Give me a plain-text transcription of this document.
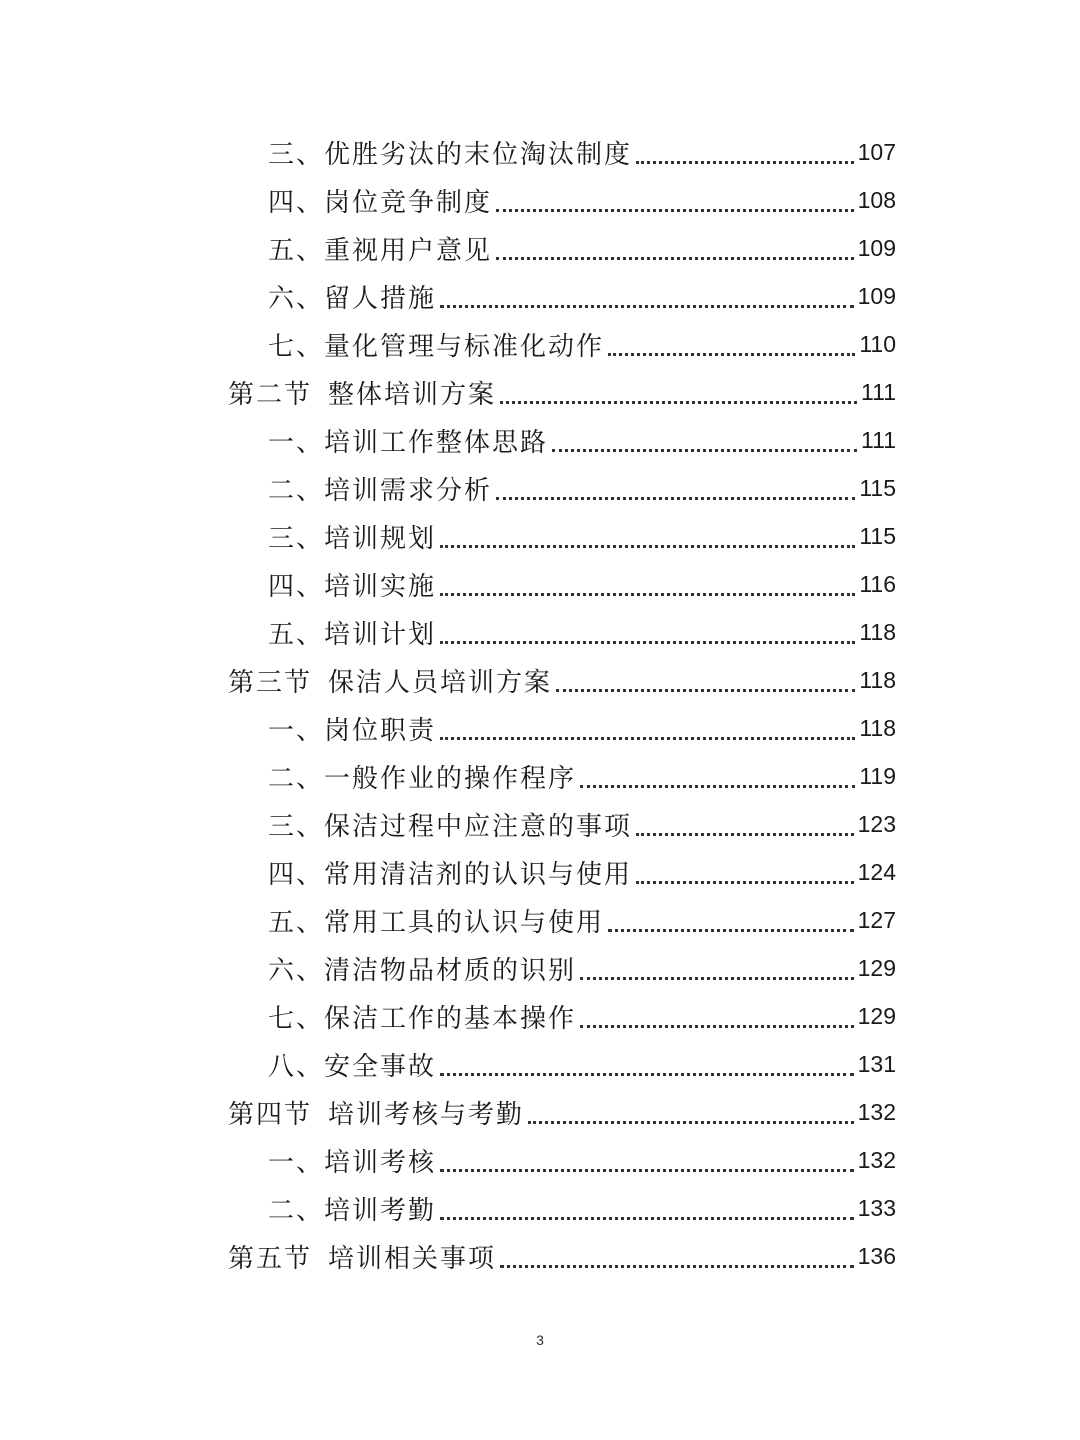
三、优胜劣汰的末位淘汰制度	107
四、岗位竞争制度	108
五、重视用户意见	109
六、留人措施	109
七、量化管理与标准化动作	110
第二节 整体培训方案	111
一、培训工作整体思路	111
二、培训需求分析	115
三、培训规划	115
四、培训实施	116
五、培训计划	118
第三节 保洁人员培训方案	118
一、岗位职责	118
二、一般作业的操作程序	119
三、保洁过程中应注意的事项	123
四、常用清洁剂的认识与使用	124
五、常用工具的认识与使用	127
六、清洁物品材质的识别	129
七、保洁工作的基本操作	129
八、安全事故	131
第四节 培训考核与考勤	132
一、培训考核	132
二、培训考勤	133
第五节 培训相关事项	136
3
